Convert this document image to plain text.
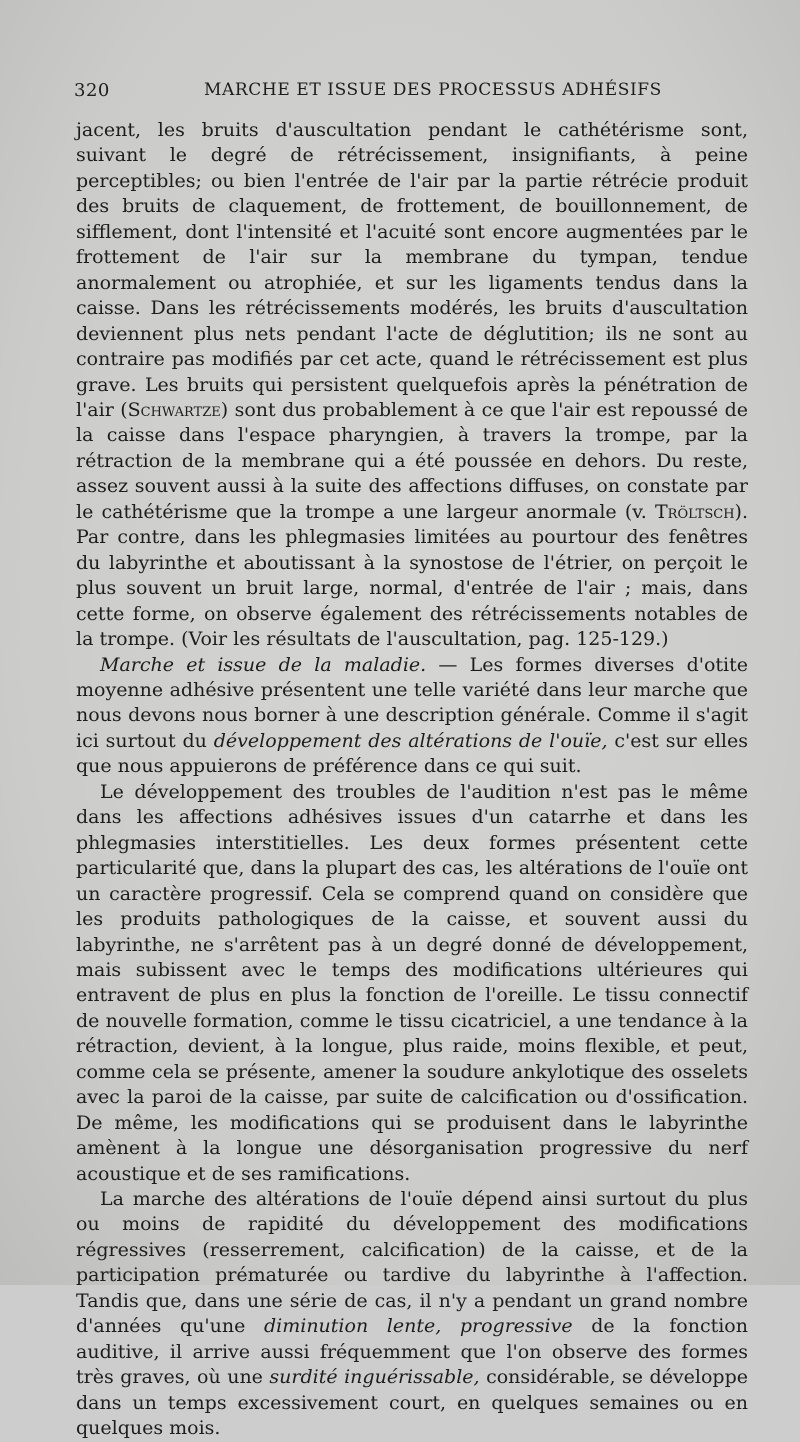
320	MARCHE ET ISSUE DES PROCESSUS ADHÉSIFS

jacent, les bruits d'auscultation pendant le cathétérisme sont, suivant le degré de rétrécissement, insignifiants, à peine perceptibles; ou bien l'entrée de l'air par la partie rétrécie produit des bruits de claquement, de frottement, de bouillonnement, de sifflement, dont l'intensité et l'acuité sont encore augmentées par le frottement de l'air sur la membrane du tympan, tendue anormalement ou atrophiée, et sur les ligaments tendus dans la caisse. Dans les rétrécissements modérés, les bruits d'auscultation deviennent plus nets pendant l'acte de déglutition; ils ne sont au contraire pas modifiés par cet acte, quand le rétrécissement est plus grave. Les bruits qui persistent quelquefois après la pénétration de l'air (Schwartze) sont dus probablement à ce que l'air est repoussé de la caisse dans l'espace pharyngien, à travers la trompe, par la rétraction de la membrane qui a été poussée en dehors. Du reste, assez souvent aussi à la suite des affections diffuses, on constate par le cathétérisme que la trompe a une largeur anormale (v. Tröltsch). Par contre, dans les phlegmasies limitées au pourtour des fenêtres du labyrinthe et aboutissant à la synostose de l'étrier, on perçoit le plus souvent un bruit large, normal, d'entrée de l'air ; mais, dans cette forme, on observe également des rétrécissements notables de la trompe. (Voir les résultats de l'auscultation, pag. 125-129.)

Marche et issue de la maladie. — Les formes diverses d'otite moyenne adhésive présentent une telle variété dans leur marche que nous devons nous borner à une description générale. Comme il s'agit ici surtout du développement des altérations de l'ouïe, c'est sur elles que nous appuierons de préférence dans ce qui suit.

Le développement des troubles de l'audition n'est pas le même dans les affections adhésives issues d'un catarrhe et dans les phlegmasies interstitielles. Les deux formes présentent cette particularité que, dans la plupart des cas, les altérations de l'ouïe ont un caractère progressif. Cela se comprend quand on considère que les produits pathologiques de la caisse, et souvent aussi du labyrinthe, ne s'arrêtent pas à un degré donné de développement, mais subissent avec le temps des modifications ultérieures qui entravent de plus en plus la fonction de l'oreille. Le tissu connectif de nouvelle formation, comme le tissu cicatriciel, a une tendance à la rétraction, devient, à la longue, plus raide, moins flexible, et peut, comme cela se présente, amener la soudure ankylotique des osselets avec la paroi de la caisse, par suite de calcification ou d'ossification. De même, les modifications qui se produisent dans le labyrinthe amènent à la longue une désorganisation progressive du nerf acoustique et de ses ramifications.

La marche des altérations de l'ouïe dépend ainsi surtout du plus ou moins de rapidité du développement des modifications régressives (resserrement, calcification) de la caisse, et de la participation prématurée ou tardive du labyrinthe à l'affection. Tandis que, dans une série de cas, il n'y a pendant un grand nombre d'années qu'une diminution lente, progressive de la fonction auditive, il arrive aussi fréquemment que l'on observe des formes très graves, où une surdité inguérissable, considérable, se développe dans un temps excessivement court, en quelques semaines ou en quelques mois.
